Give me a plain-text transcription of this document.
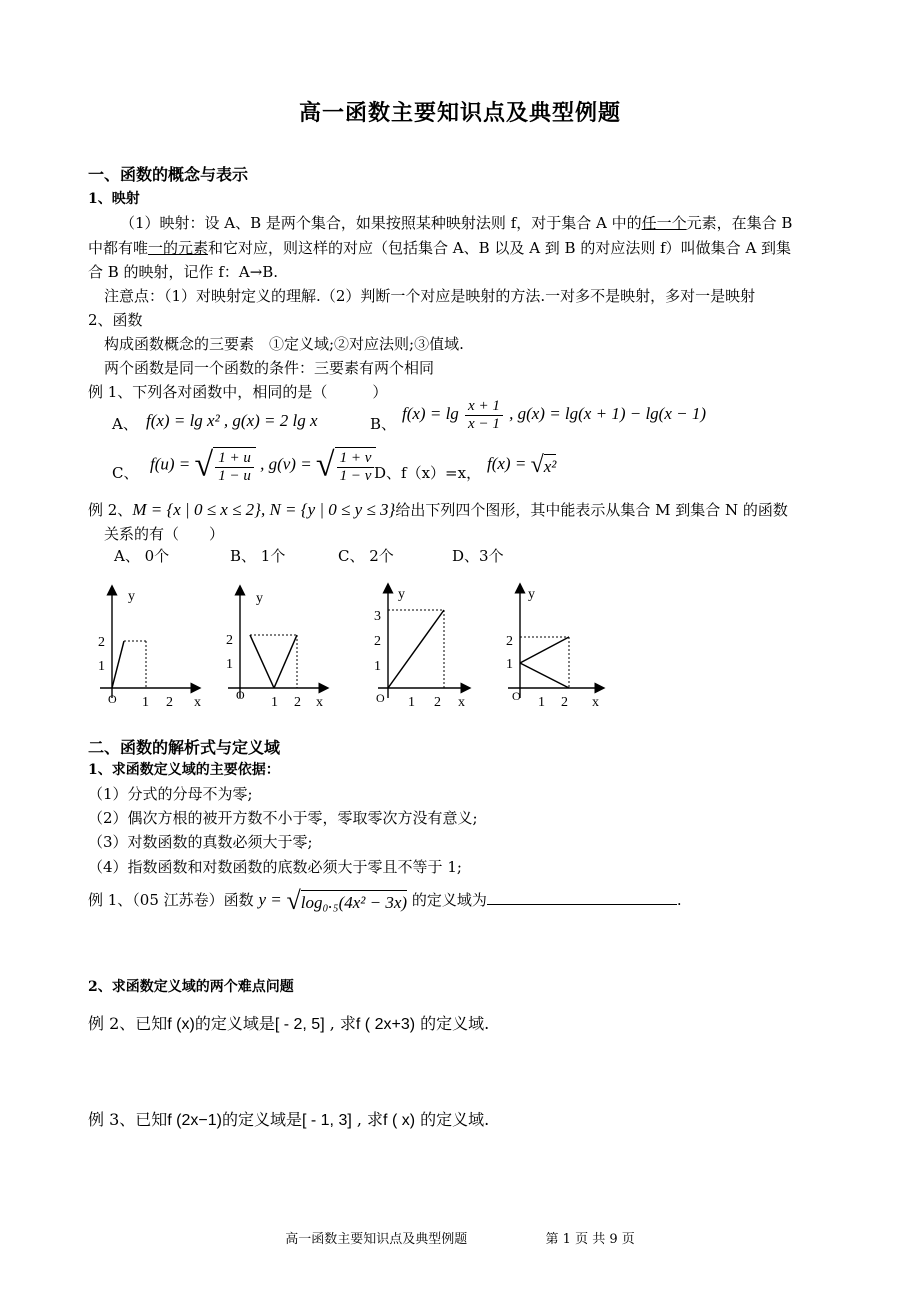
高一函数主要知识点及典型例题
一、函数的概念与表示
1、映射
（1）映射：设 A、B 是两个集合，如果按照某种映射法则 f，对于集合 A 中的任一个元素，在集合 B
中都有唯一的元素和它对应，则这样的对应（包括集合 A、B 以及 A 到 B 的对应法则 f）叫做集合 A 到集
合 B 的映射，记作 f：A→B.
注意点：（1）对映射定义的理解.（2）判断一个对应是映射的方法.一对多不是映射，多对一是映射
2、函数
构成函数概念的三要素　①定义域;②对应法则;③值域.
两个函数是同一个函数的条件：三要素有两个相同
例 1、下列各对函数中，相同的是（　　　）
A、 f(x) = lg x² , g(x) = 2 lg x	B、
$f(x) = \lg \frac{x + 1}{x - 1}$ , g(x) = lg(x + 1) − lg(x − 1)
C、 f(u) = √ $\frac{1 + u}{1 - u}$ , g(v) = √ $\frac{1 + v}{1 - v}$ D、f（x）=x，
f(x) = √x²
例 2、M = {x | 0 ≤ x ≤ 2}, N = {y | 0 ≤ y ≤ 3}给出下列四个图形，其中能表示从集合 M 到集合 N 的函数
关系的有（　　）
A、 0个	B、 1个	C、 2个	D、3个
y
2
1
O 1 2 x
y
2
1
O 1 2 x
y
3
2
1
O 1 2 x
y
2
1
O 1 2 x
二、函数的解析式与定义域
1、求函数定义域的主要依据：
（1）分式的分母不为零;
（2）偶次方根的被开方数不小于零，零取零次方没有意义;
（3）对数函数的真数必须大于零;
（4）指数函数和对数函数的底数必须大于零且不等于 1;
例 1、（05 江苏卷）函数 y = √log₀.₅(4x² − 3x) 的定义域为	.
2、求函数定义域的两个难点问题
例 2、已知f (x)的定义域是[ - 2, 5] , 求f ( 2x+3) 的定义域.
例 3、已知f (2x−1)的定义域是[ - 1, 3] , 求f ( x) 的定义域.
高一函数主要知识点及典型例题	第 1 页 共 9 页
